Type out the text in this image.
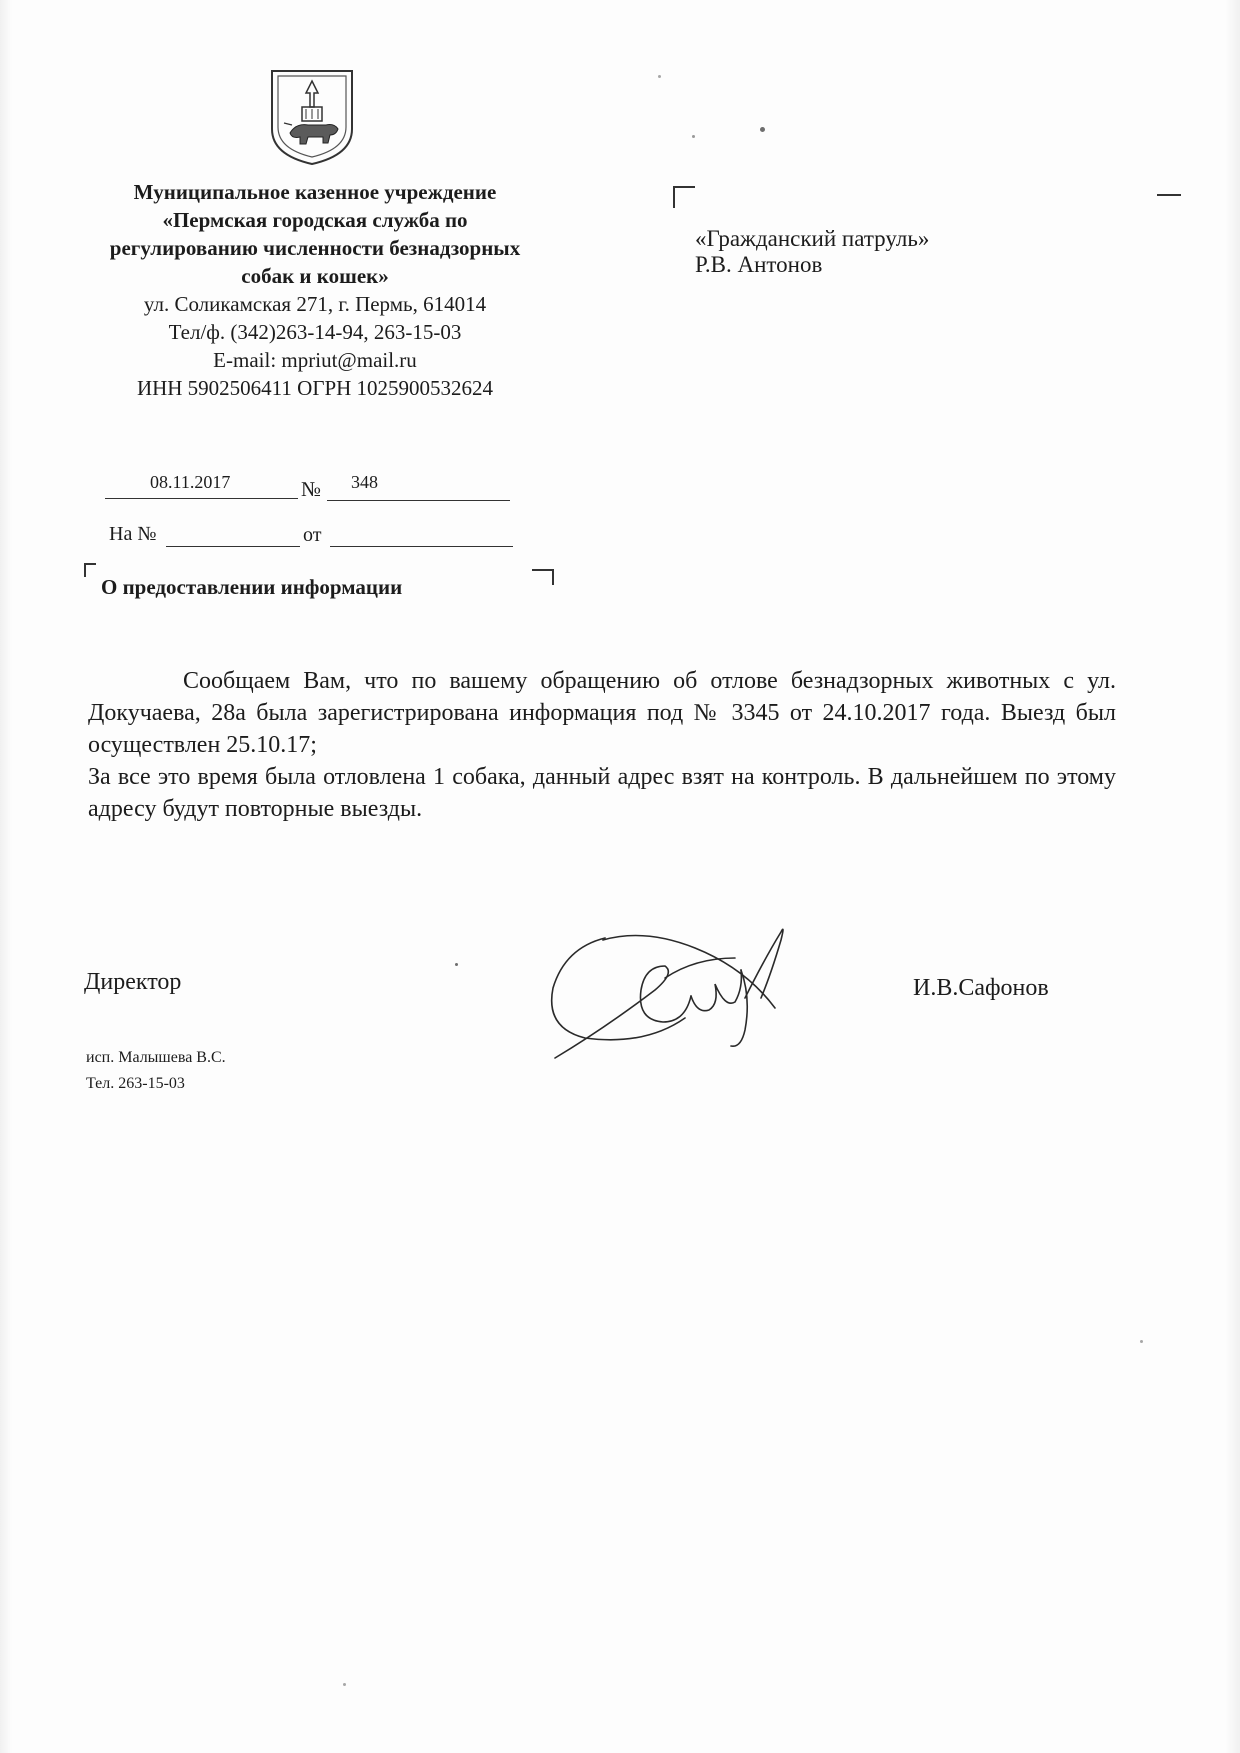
Муниципальное казенное учреждение
«Пермская городская служба по
регулированию численности безнадзорных
собак и кошек»
ул. Соликамская 271, г. Пермь, 614014
Тел/ф. (342)263-14-94, 263-15-03
E-mail: mpriut@mail.ru
ИНН 5902506411 ОГРН 1025900532624
«Гражданский патруль»
Р.В. Антонов
08.11.2017	№ 348
На №	от
О предоставлении информации

Сообщаем Вам, что по вашему обращению об отлове безнадзорных животных с ул. Докучаева, 28а была зарегистрирована информация под № 3345 от 24.10.2017 года. Выезд был осуществлен 25.10.17;

За все это время была отловлена 1 собака, данный адрес взят на контроль. В дальнейшем по этому адресу будут повторные выезды.

Директор	И.В.Сафонов
исп. Малышева В.С.
Тел. 263-15-03
